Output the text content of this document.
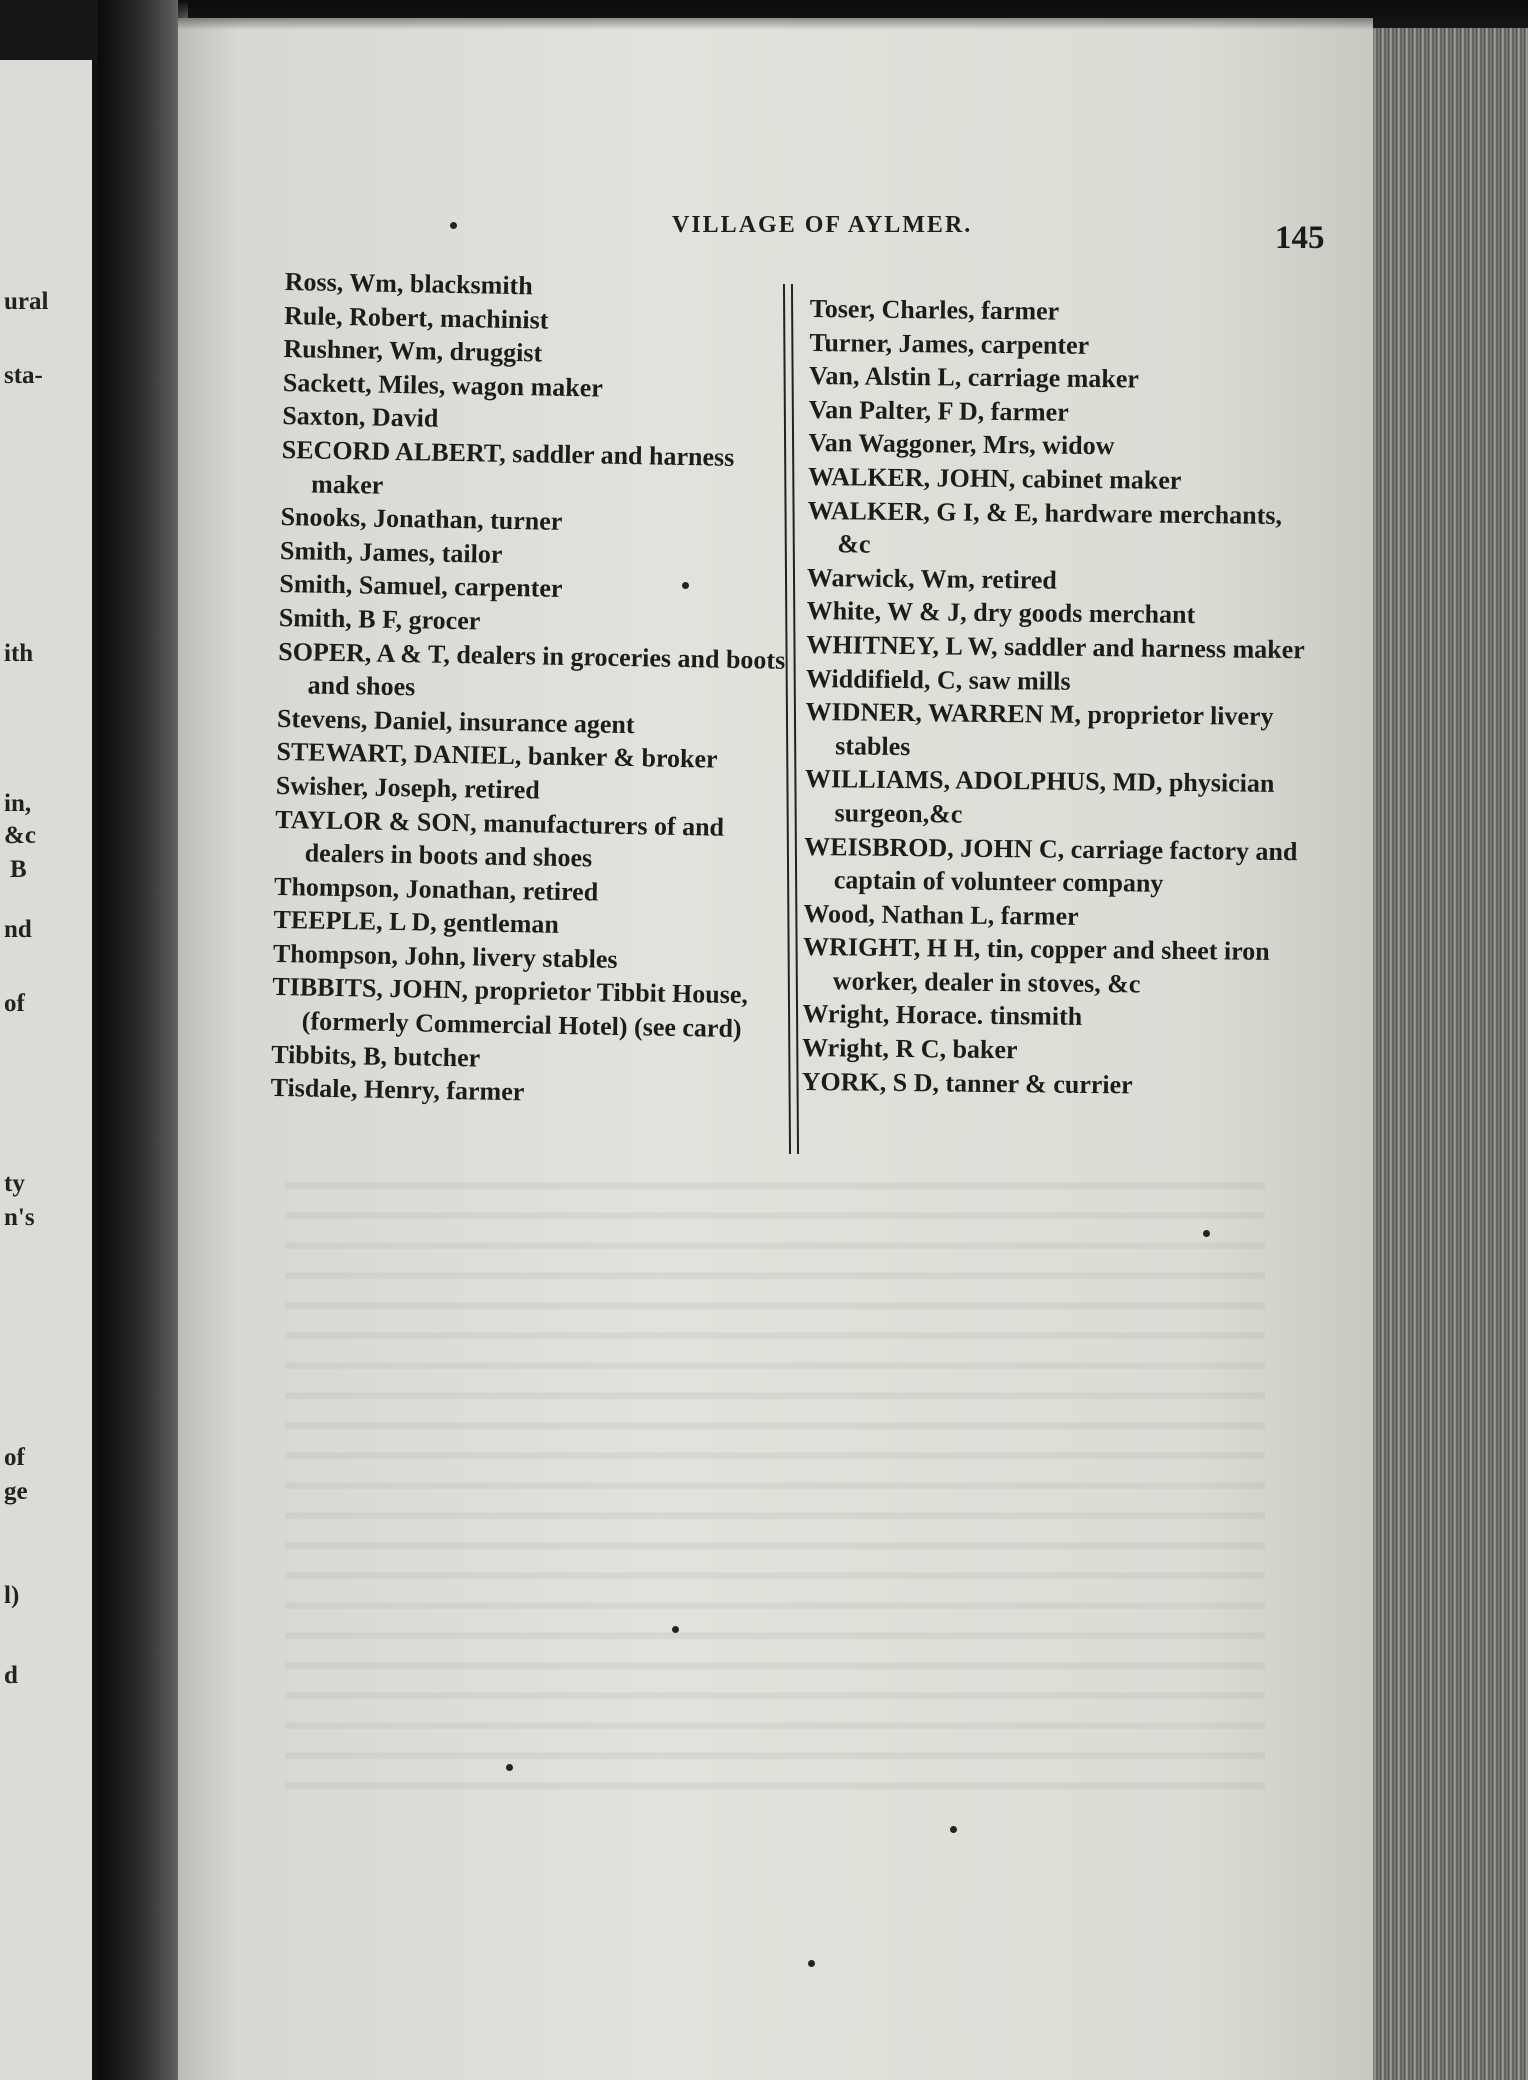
ural
sta-
ith
in,
&c
B
nd
of
ty
n's
of
ge
l)
d
VILLAGE OF AYLMER.	145
Ross, Wm, blacksmith
Rule, Robert, machinist
Rushner, Wm, druggist
Sackett, Miles, wagon maker
Saxton, David
SECORD ALBERT, saddler and harness maker
Snooks, Jonathan, turner
Smith, James, tailor
Smith, Samuel, carpenter
Smith, B F, grocer
SOPER, A & T, dealers in groceries and boots and shoes
Stevens, Daniel, insurance agent
STEWART, DANIEL, banker & broker
Swisher, Joseph, retired
TAYLOR & SON, manufacturers of and dealers in boots and shoes
Thompson, Jonathan, retired
TEEPLE, L D, gentleman
Thompson, John, livery stables
TIBBITS, JOHN, proprietor Tibbit House, (formerly Commercial Hotel) (see card)
Tibbits, B, butcher
Tisdale, Henry, farmer
Toser, Charles, farmer
Turner, James, carpenter
Van, Alstin L, carriage maker
Van Palter, F D, farmer
Van Waggoner, Mrs, widow
WALKER, JOHN, cabinet maker
WALKER, G I, & E, hardware merchants, &c
Warwick, Wm, retired
White, W & J, dry goods merchant
WHITNEY, L W, saddler and harness maker
Widdifield, C, saw mills
WIDNER, WARREN M, proprietor livery stables
WILLIAMS, ADOLPHUS, MD, physician surgeon,&c
WEISBROD, JOHN C, carriage factory and captain of volunteer company
Wood, Nathan L, farmer
WRIGHT, H H, tin, copper and sheet iron worker, dealer in stoves, &c
Wright, Horace. tinsmith
Wright, R C, baker
YORK, S D, tanner & currier
